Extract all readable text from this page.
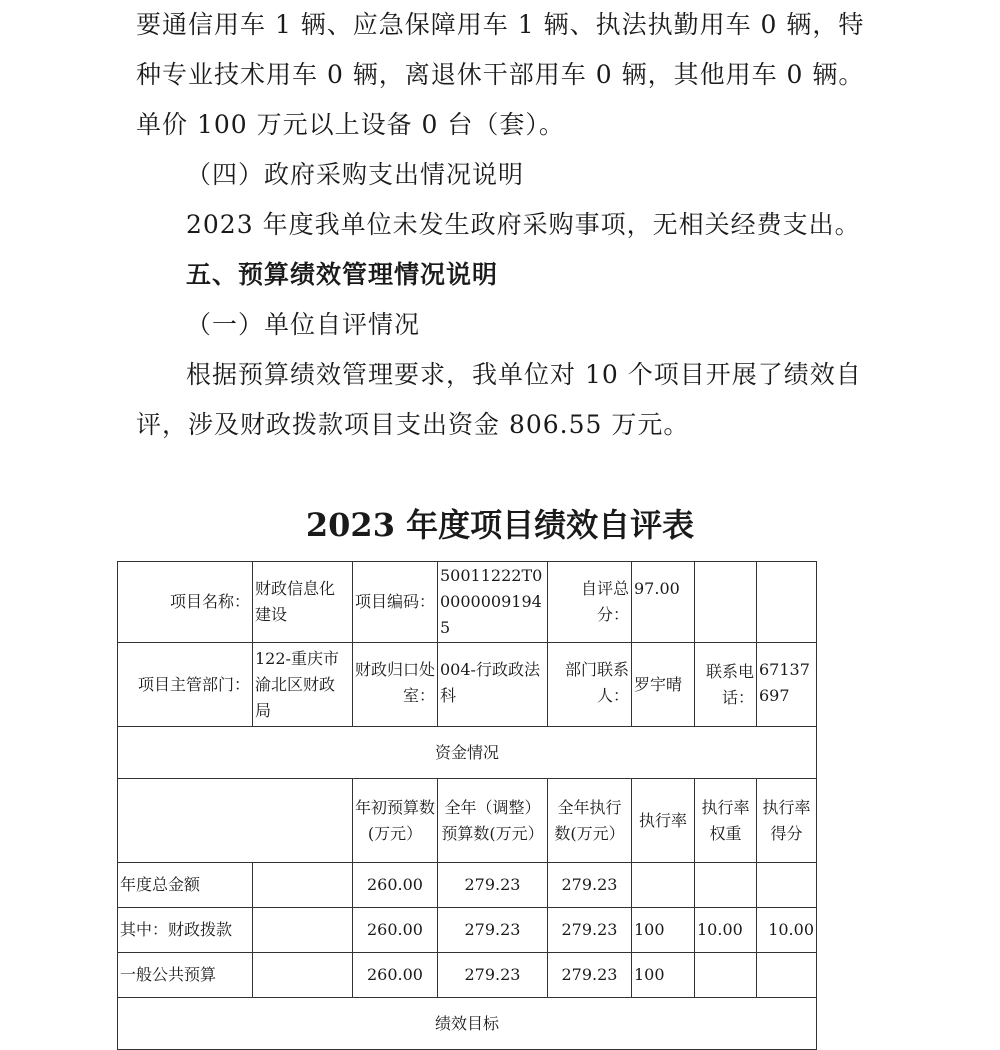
要通信用车 1 辆、应急保障用车 1 辆、执法执勤用车 0 辆，特种专业技术用车 0 辆，离退休干部用车 0 辆，其他用车 0 辆。单价 100 万元以上设备 0 台（套）。

（四）政府采购支出情况说明

2023 年度我单位未发生政府采购事项，无相关经费支出。

五、预算绩效管理情况说明

（一）单位自评情况

根据预算绩效管理要求，我单位对 10 个项目开展了绩效自评，涉及财政拨款项目支出资金 806.55 万元。

2023 年度项目绩效自评表
项目名称：	财政信息化建设	项目编码：	50011222T000000091945	自评总分：	97.00		
项目主管部门：	122-重庆市渝北区财政局	财政归口处室：	004-行政政法科	部门联系人：	罗宇晴	联系电话：	67137697
资金情况							
		年初预算数(万元）	全年（调整）预算数(万元）	全年执行数(万元）	执行率	执行率权重	执行率得分
年度总金额		260.00	279.23	279.23			
其中：财政拨款		260.00	279.23	279.23	100	10.00	10.00
一般公共预算		260.00	279.23	279.23	100		
绩效目标							
